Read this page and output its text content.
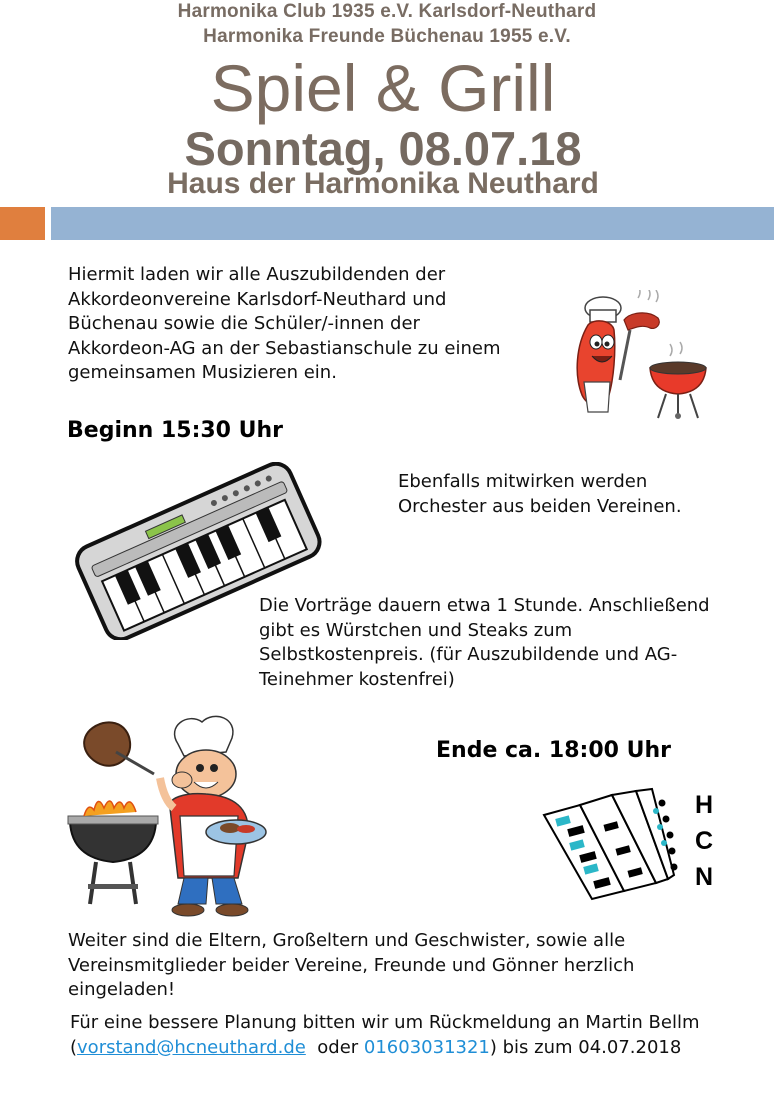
Harmonika Club 1935 e.V. Karlsdorf-Neuthard
Harmonika Freunde Büchenau 1955 e.V.
Spiel & Grill
Sonntag, 08.07.18
Haus der Harmonika Neuthard
Hiermit laden wir alle Auszubildenden der Akkordeonvereine Karlsdorf-Neuthard und Büchenau sowie die Schüler/-innen der Akkordeon-AG an der Sebastianschule zu einem gemeinsamen Musizieren ein.
Beginn 15:30 Uhr
Ebenfalls mitwirken werden Orchester aus beiden Vereinen.
Die Vorträge dauern etwa 1 Stunde. Anschließend gibt es Würstchen und Steaks zum Selbstkostenpreis. (für Auszubildende und AG-Teinehmer kostenfrei)
Ende ca. 18:00 Uhr
H
C
N
Weiter sind die Eltern, Großeltern und Geschwister, sowie alle Vereinsmitglieder beider Vereine, Freunde und Gönner herzlich eingeladen!
Für eine bessere Planung bitten wir um Rückmeldung an Martin Bellm (vorstand@hcneuthard.de  oder 01603031321) bis zum 04.07.2018
